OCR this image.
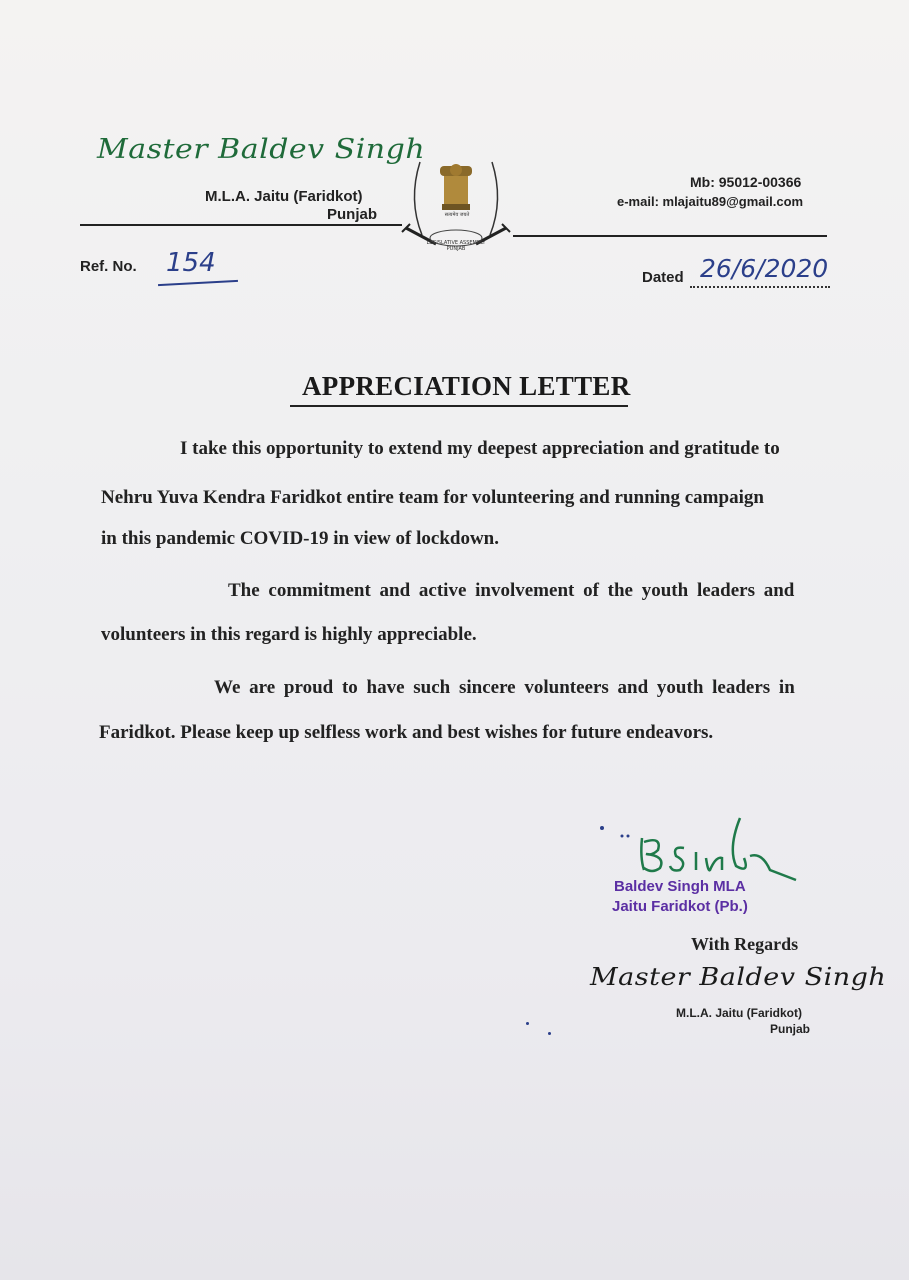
Master Baldev Singh
M.L.A. Jaitu (Faridkot)
Punjab	सत्यमेव जयते
LEGISLATIVE ASSEMBLY PUNJAB
Mb: 95012-00366
e-mail: mlajaitu89@gmail.com
Ref. No. 154	Dated 26/6/2020
APPRECIATION LETTER
I take this opportunity to extend my deepest appreciation and gratitude to
Nehru Yuva Kendra Faridkot entire team for volunteering and running campaign
in this pandemic COVID-19 in view of lockdown.
The commitment and active involvement of the youth leaders and
volunteers in this regard is highly appreciable.
We are proud to have such sincere volunteers and youth leaders in
Faridkot. Please keep up selfless work and best wishes for future endeavors.
Baldev Singh MLA
Jaitu Faridkot (Pb.)
With Regards
Master Baldev Singh
M.L.A. Jaitu (Faridkot)
Punjab
